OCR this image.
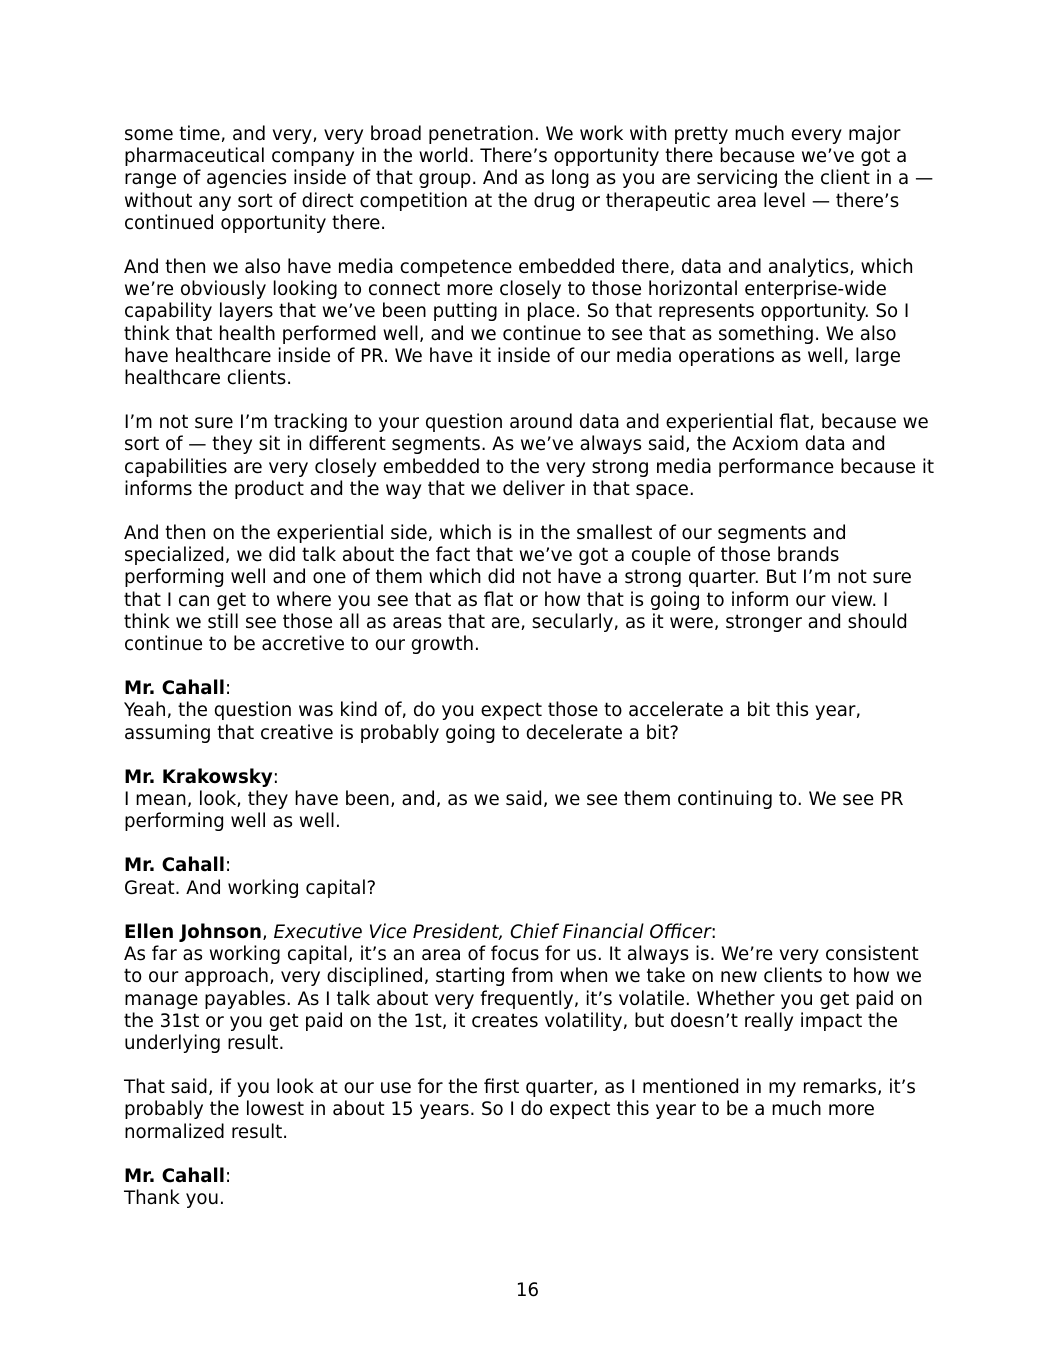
some time, and very, very broad penetration. We work with pretty much every major pharmaceutical company in the world. There’s opportunity there because we’ve got a range of agencies inside of that group. And as long as you are servicing the client in a — without any sort of direct competition at the drug or therapeutic area level — there’s continued opportunity there.

And then we also have media competence embedded there, data and analytics, which we’re obviously looking to connect more closely to those horizontal enterprise-wide capability layers that we’ve been putting in place. So that represents opportunity. So I think that health performed well, and we continue to see that as something. We also have healthcare inside of PR. We have it inside of our media operations as well, large healthcare clients.

I’m not sure I’m tracking to your question around data and experiential flat, because we sort of — they sit in different segments. As we’ve always said, the Acxiom data and capabilities are very closely embedded to the very strong media performance because it informs the product and the way that we deliver in that space.

And then on the experiential side, which is in the smallest of our segments and specialized, we did talk about the fact that we’ve got a couple of those brands performing well and one of them which did not have a strong quarter. But I’m not sure that I can get to where you see that as flat or how that is going to inform our view. I think we still see those all as areas that are, secularly, as it were, stronger and should continue to be accretive to our growth.

Mr. Cahall:
Yeah, the question was kind of, do you expect those to accelerate a bit this year, assuming that creative is probably going to decelerate a bit?
Mr. Krakowsky:
I mean, look, they have been, and, as we said, we see them continuing to. We see PR performing well as well.
Mr. Cahall:
Great. And working capital?
Ellen Johnson, Executive Vice President, Chief Financial Officer:
As far as working capital, it’s an area of focus for us. It always is. We’re very consistent to our approach, very disciplined, starting from when we take on new clients to how we manage payables. As I talk about very frequently, it’s volatile. Whether you get paid on the 31st or you get paid on the 1st, it creates volatility, but doesn’t really impact the underlying result.

That said, if you look at our use for the first quarter, as I mentioned in my remarks, it’s probably the lowest in about 15 years. So I do expect this year to be a much more normalized result.

Mr. Cahall:
Thank you.
16
